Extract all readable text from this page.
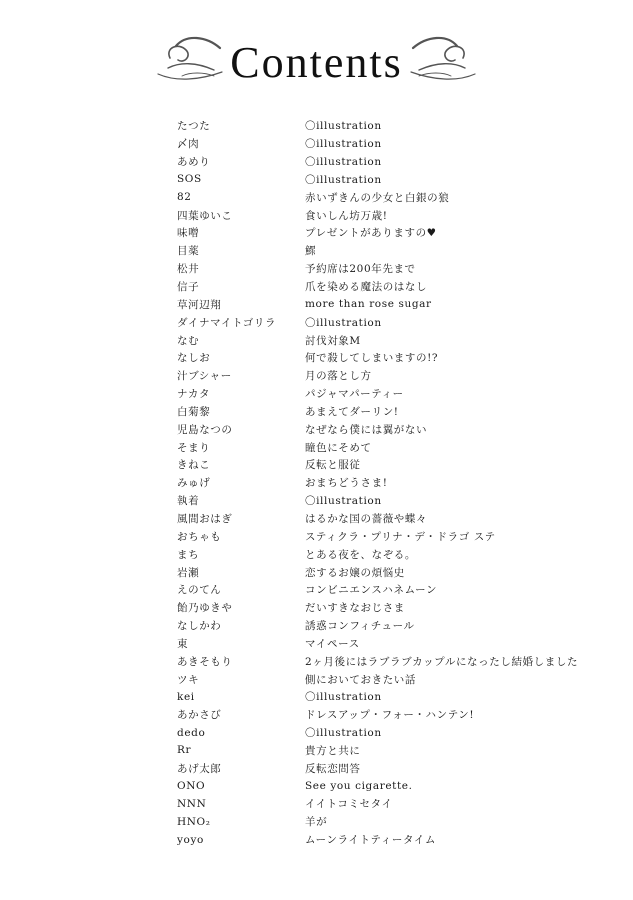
Contents
たつた	〇illustration
〆肉	〇illustration
あめり	〇illustration
SOS	〇illustration
82	赤いずきんの少女と白銀の狼
四葉ゆいこ	食いしん坊万歳!
味噌	プレゼントがありますの♥
目薬	鰥
松井	予約席は200年先まで
信子	爪を染める魔法のはなし
草河辺翔	more than rose sugar
ダイナマイトゴリラ	〇illustration
なむ	討伐対象M
なしお	何で殺してしまいますの!?
汁ブシャー	月の落とし方
ナカタ	パジャマパーティー
白菊黎	あまえてダーリン!
児島なつの	なぜなら僕には翼がない
そまり	瞳色にそめて
きねこ	反転と服従
みゅげ	おまちどうさま!
執着	〇illustration
風間おはぎ	はるかな国の薔薇や蝶々
おちゃも	スティクラ・プリナ・デ・ドラゴ ステ
まち	とある夜を、なぞる。
岩瀬	恋するお嬢の煩悩史
えのてん	コンビニエンスハネムーン
飴乃ゆきや	だいすきなおじさま
なしかわ	誘惑コンフィチュール
東	マイペース
あきそもり	2ヶ月後にはラブラブカップルになったし結婚しました
ツキ	側においておきたい話
kei	〇illustration
あかさび	ドレスアップ・フォー・ハンテン!
dedo	〇illustration
Rr	貴方と共に
あげ太郎	反転恋問答
ONO	See you cigarette.
NNN	イイトコミセタイ
HNO₂	羊が
yoyo	ムーンライトティータイム
